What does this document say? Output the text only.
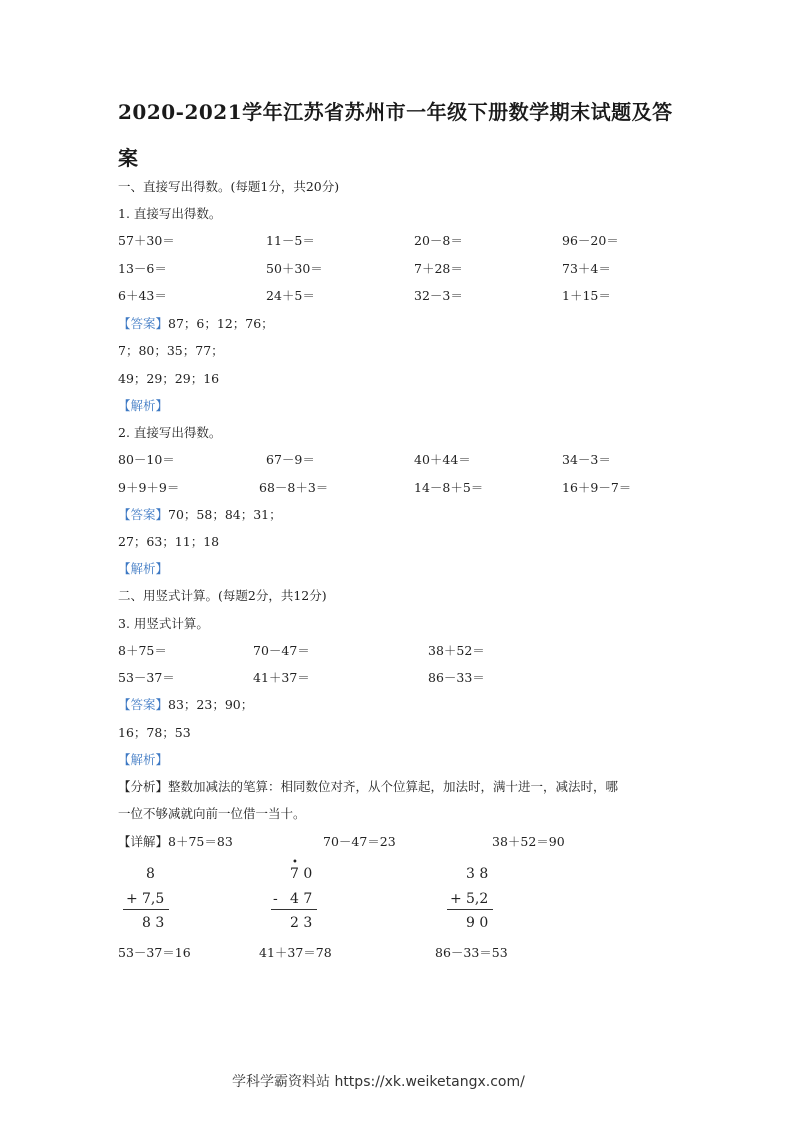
2020-2021学年江苏省苏州市一年级下册数学期末试题及答
案
一、直接写出得数。(每题1分，共20分)
1. 直接写出得数。
57＋30＝	11－5＝	20－8＝	96－20＝
13－6＝	50＋30＝	7＋28＝	73＋4＝
6＋43＝	24＋5＝	32－3＝	1＋15＝
【答案】87；6；12；76；
7；80；35；77；
49；29；29；16
【解析】
2. 直接写出得数。
80－10＝	67－9＝	40＋44＝	34－3＝
9＋9＋9＝	68－8＋3＝	14－8＋5＝	16＋9－7＝
【答案】70；58；84；31；
27；63；11；18
【解析】
二、用竖式计算。(每题2分，共12分)
3. 用竖式计算。
8＋75＝	70－47＝	38＋52＝
53－37＝	41＋37＝	86－33＝
【答案】83；23；90；
16；78；53
【解析】
【分析】整数加减法的笔算：相同数位对齐，从个位算起，加法时，满十进一，减法时，哪
一位不够减就向前一位借一当十。
【详解】8＋75＝83	70－47＝23	38＋52＝90
8
+ 7,5
8 3
•
7 0
- 4 7
2 3
3 8
+ 5,2
9 0
53－37＝16	41＋37＝78	86－33＝53
学科学霸资料站 https://xk.weiketangx.com/
